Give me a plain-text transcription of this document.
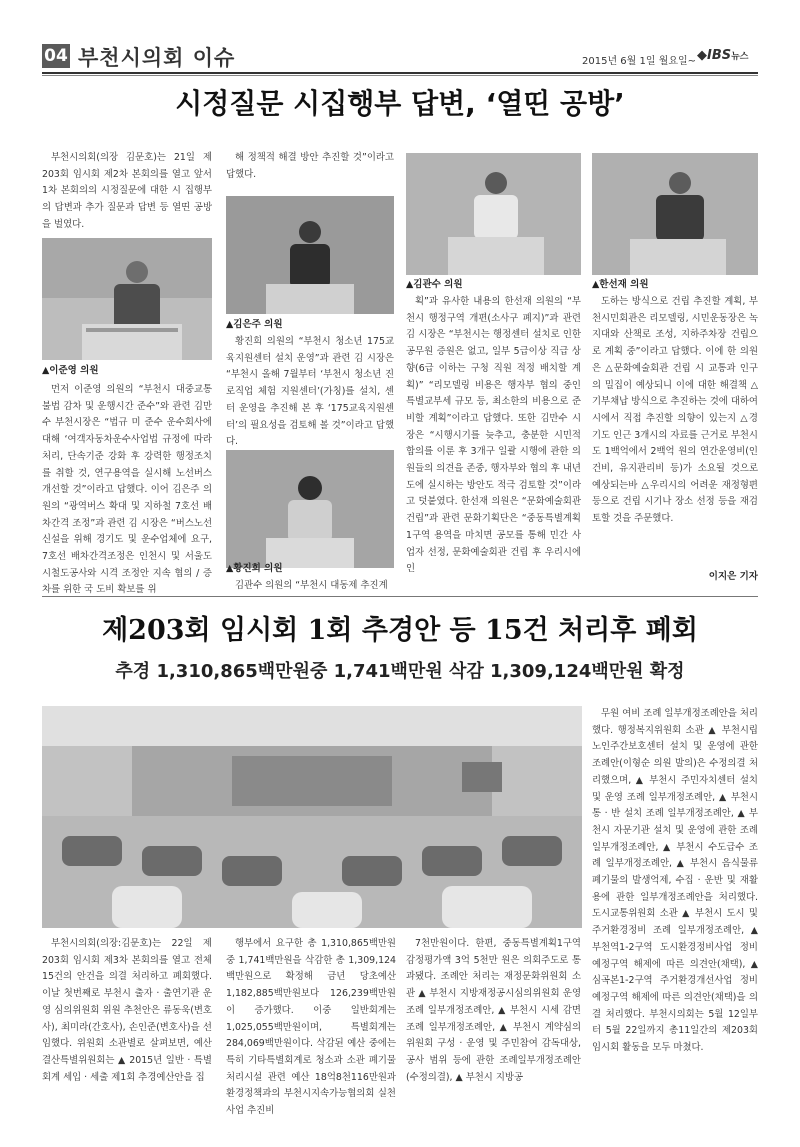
04 부천시의회 이슈	2015년 6월 1일 월요일~ ◆IBS뉴스
시정질문 시집행부 답변, ‘열띤 공방’

부천시의회(의장 김문호)는 21일 제203회 임시회 제2차 본회의를 열고 앞서 1차 본회의의 시정질문에 대한 시 집행부의 답변과 추가 질문과 답변 등 열띤 공방을 벌였다.

▲이준영 의원

먼저 이준영 의원의 “부천시 대중교통 불법 감차 및 운행시간 준수”와 관련 김만수 부천시장은 “법규 미 준수 운수회사에 대해 ‘여객자동차운수사업법 규정에 따라 처리, 단속기준 강화 후 강력한 행정조치를 취할 것, 연구용역을 실시해 노선버스 개선할 것”이라고 답했다. 이어 김은주 의원의 “광역버스 확대 및 지하철 7호선 배차간격 조정”과 관련 김 시장은 “버스노선 신설을 위해 경기도 및 운수업체에 요구, 7호선 배차간격조정은 인천시 및 서울도시철도공사와 시격 조정안 지속 협의 / 증차를 위한 국 도비 확보를 위

해 정책적 해결 방안 추진할 것”이라고 답했다.

▲김은주 의원

황진희 의원의 “부천시 청소년 175교육지원센터 설치 운영”과 관련 김 시장은 “부천시 올해 7월부터 ‘부천시 청소년 진로직업 체험 지원센터’(가칭)를 설치, 센터 운영을 추진해 본 후 ‘175교육지원센터’의 필요성을 검토해 볼 것”이라고 답했다.

▲황진희 의원

김관수 의원의 “부천시 대동제 추진계

▲김관수 의원

획”과 유사한 내용의 한선재 의원의 “부천시 행정구역 개편(소사구 폐지)”과 관련 김 시장은 “부천시는 행정센터 설치로 인한 공무원 증원은 없고, 일부 5급이상 직급 상향(6급 이하는 구청 직원 적정 배치할 계획)” “리모델링 비용은 행자부 협의 중인 특별교부세 규모 등, 최소한의 비용으로 준비할 계획”이라고 답했다. 또한 김만수 시장은 “시행시기를 늦추고, 충분한 시민적 합의를 이룬 후 3개구 일괄 시행에 관한 의원들의 의견을 존중, 행자부와 협의 후 내년도에 실시하는 방안도 적극 검토할 것”이라고 덧붙였다. 한선재 의원은 “문화예술회관 건립”과 관련 문화기획단은 “중동특별계획 1구역 용역을 마치면 공모를 통해 민간 사업자 선정, 문화예술회관 건립 후 우리시에 인

▲한선재 의원

도하는 방식으로 건립 추진할 계획, 부천시민회관은 리모델링, 시민운동장은 녹지대와 산책로 조성, 지하주차장 건립으로 계획 중”이라고 답했다. 이에 한 의원은 △문화예술회관 건립 시 교통과 인구의 밀집이 예상되니 이에 대한 해결책 △기부채납 방식으로 추진하는 것에 대하여 시에서 직접 추진할 의향이 있는지 △경기도 인근 3개시의 자료를 근거로 부천시도 1백억에서 2백억 원의 연간운영비(인건비, 유지관리비 등)가 소요될 것으로 예상되는바 △우리시의 어려운 재정형편 등으로 건립 시기나 장소 선정 등을 재검토할 것을 주문했다.

이지은 기자
제203회 임시회 1회 추경안 등 15건 처리후 폐회
추경 1,310,865백만원중 1,741백만원 삭감 1,309,124백만원 확정

부천시의회(의장:김문호)는 22일 제203회 임시회 제3차 본회의를 열고 전체 15건의 안건을 의결 처리하고 폐회했다. 이날 첫번째로 부천시 출자 · 출연기관 운영 심의위원회 위원 추천안은 류동욱(변호사), 최미라(간호사), 손인준(변호사)을 선임했다. 위원회 소관별로 살펴보면, 예산결산특별위원회는 ▲ 2015년 일반 · 특별회계 세입 · 세출 제1회 추경예산안을 집

행부에서 요구한 총 1,310,865백만원중 1,741백만원을 삭감한 총 1,309,124백만원으로 확정해 금년 당초예산 1,182,885백만원보다 126,239백만원이 증가했다. 이중 일반회계는 1,025,055백만원이며, 특별회계는 284,069백만원이다. 삭감된 예산 중에는 특히 기타특별회계로 청소과 소관 폐기물처리시설 관련 예산 18억8천116만원과 환경정책과의 부천시지속가능협의회 실천사업 추진비

7천만원이다. 한편, 중동특별계획1구역 감정평가액 3억 5천만 원은 의회주도로 통과됐다. 조례안 처리는 재정문화위원회 소관 ▲ 부천시 지방재정공시심의위원회 운영 조례 일부개정조례안, ▲ 부천시 시세 감면 조례 일부개정조례안, ▲ 부천시 계약심의위원회 구성 · 운영 및 주민참여 감독대상, 공사 범위 등에 관한 조례일부개정조례안(수정의결), ▲ 부천시 지방공

무원 여비 조례 일부개정조례안을 처리했다. 행정복지위원회 소관 ▲ 부천시립 노인주간보호센터 설치 및 운영에 관한 조례안(이형순 의원 발의)은 수정의결 처리했으며, ▲ 부천시 주민자치센터 설치 및 운영 조례 일부개정조례안, ▲ 부천시 통 · 반 설치 조례 일부개정조례안, ▲ 부천시 자문기관 설치 및 운영에 관한 조례 일부개정조례안, ▲ 부천시 수도급수 조례 일부개정조례안, ▲ 부천시 음식물류 폐기물의 발생억제, 수집 · 운반 및 재활용에 관한 일부개정조례안을 처리했다. 도시교통위원회 소관 ▲ 부천시 도시 및 주거환경정비 조례 일부개정조례안, ▲ 부천역1-2구역 도시환경정비사업 정비예정구역 해제에 따른 의견안(채택), ▲ 심곡본1-2구역 주거환경개선사업 정비예정구역 해제에 따른 의견안(채택)을 의결 처리했다. 부천시의회는 5월 12일부터 5월 22일까지 총11일간의 제203회 임시회 활동을 모두 마쳤다.
